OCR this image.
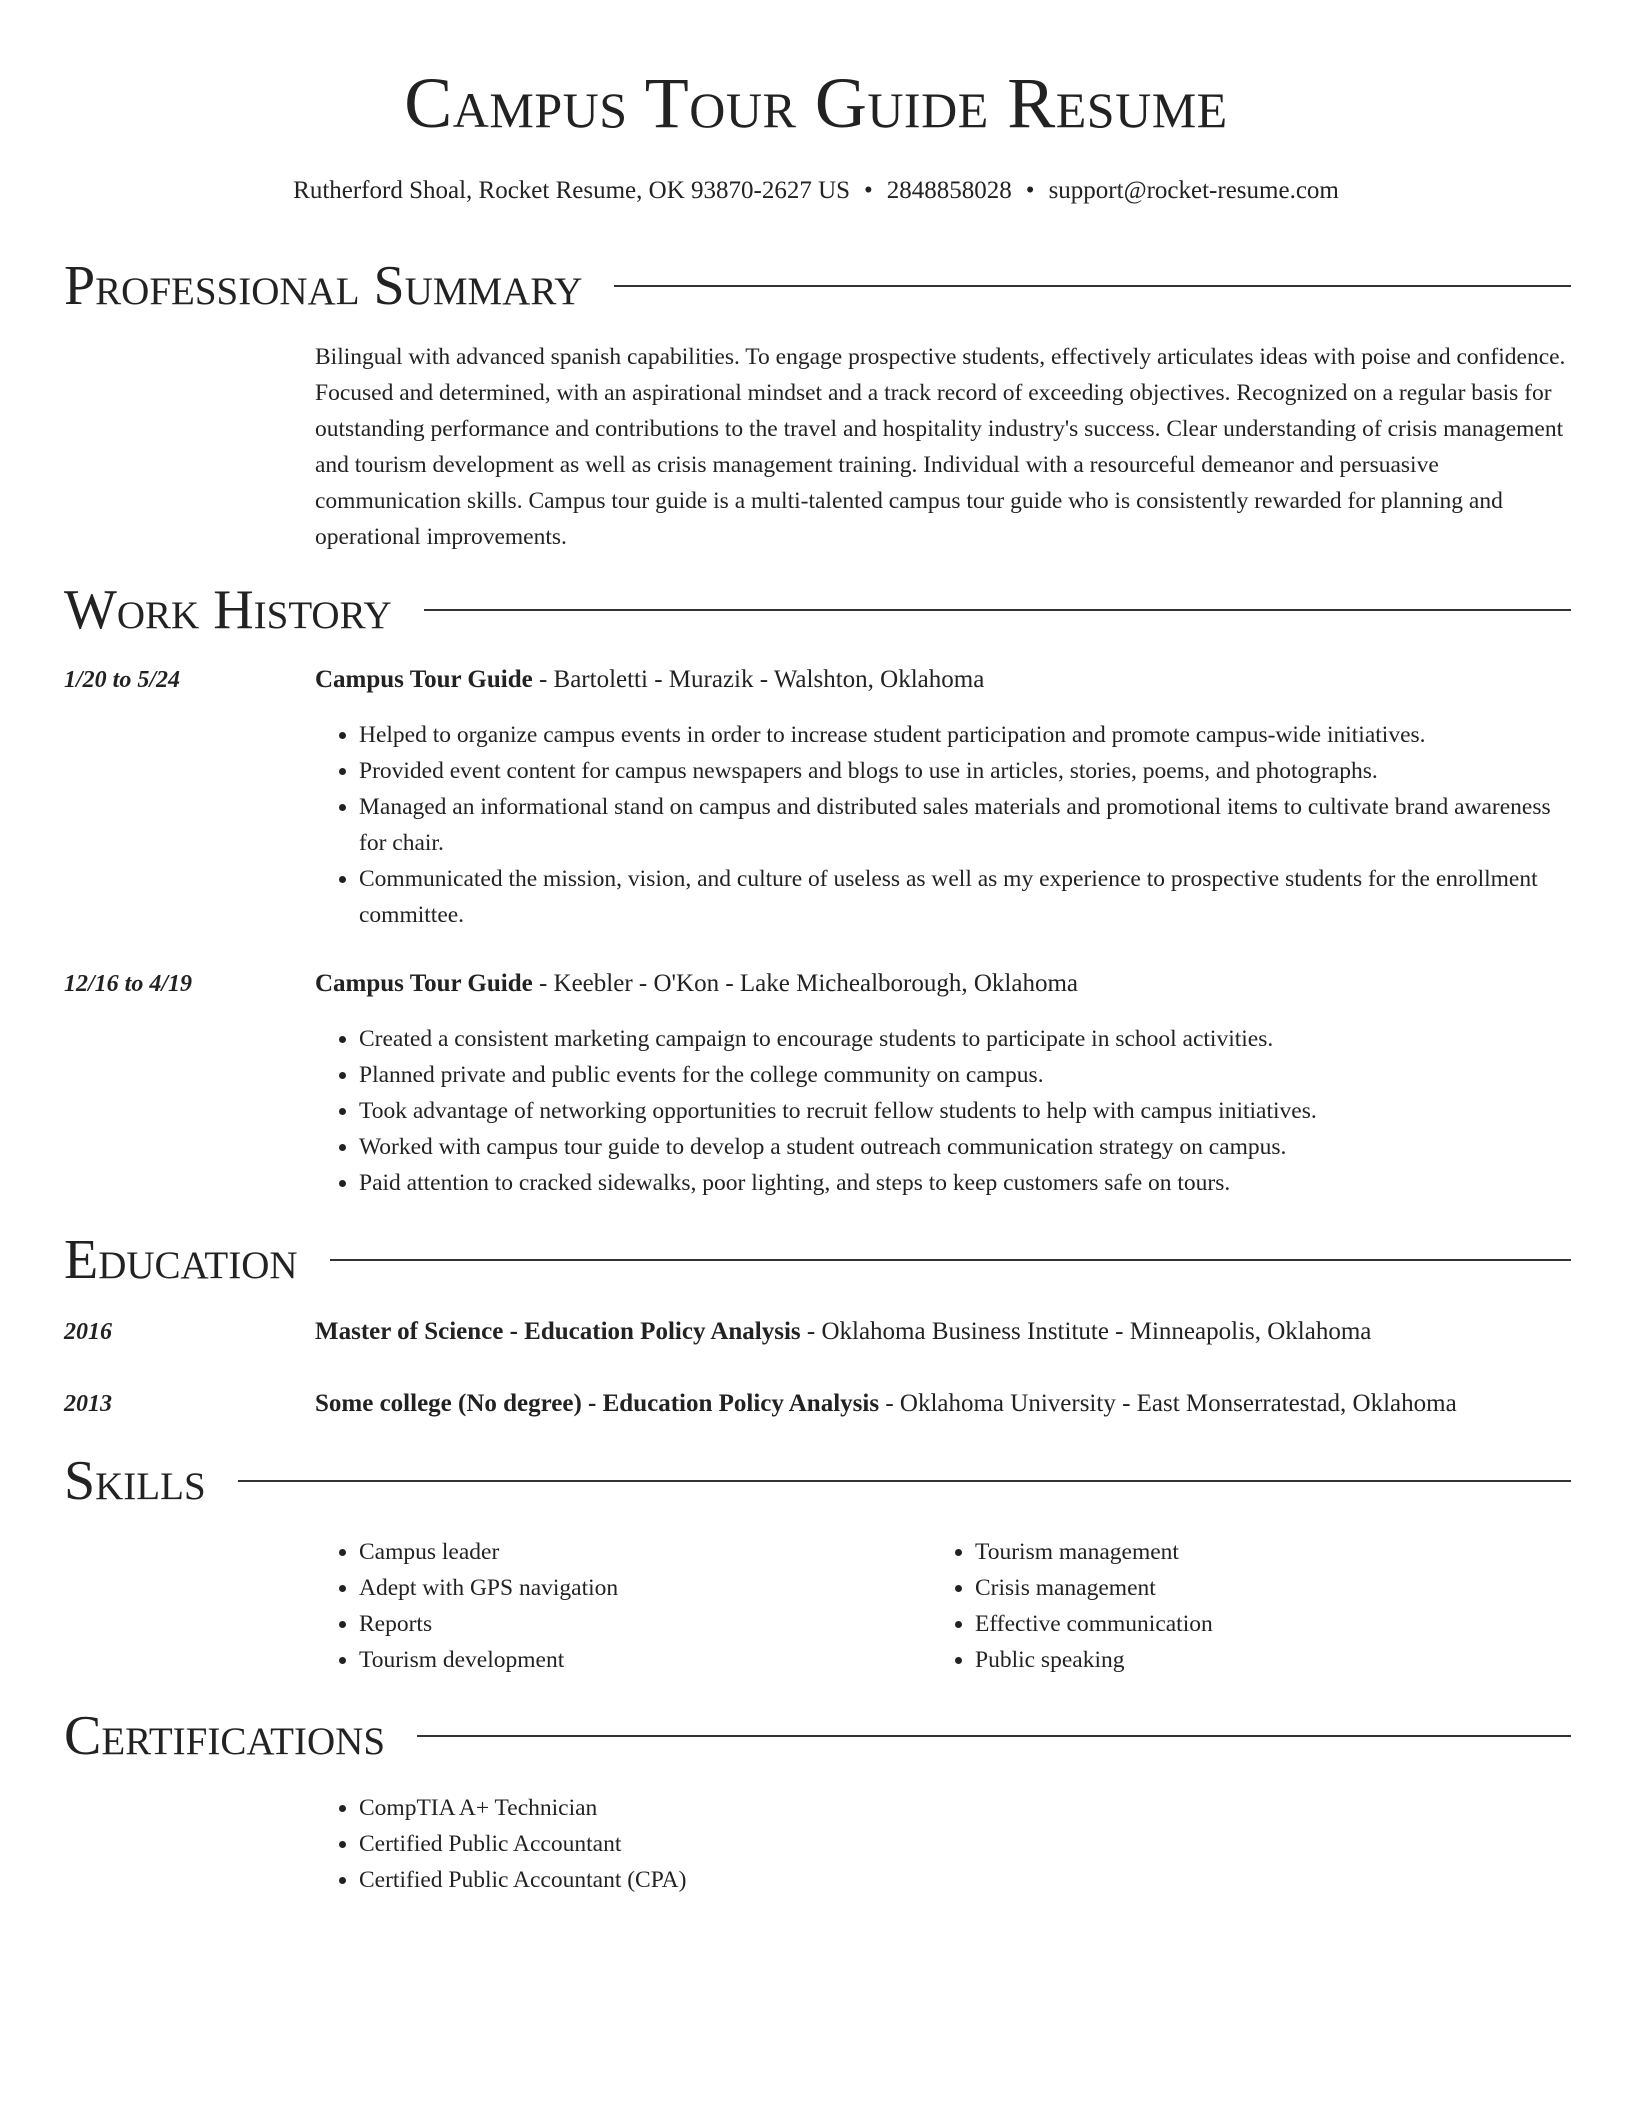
Campus Tour Guide Resume
Rutherford Shoal, Rocket Resume, OK 93870-2627 US • 2848858028 • support@rocket-resume.com
Professional Summary

Bilingual with advanced spanish capabilities. To engage prospective students, effectively articulates ideas with poise and confidence. Focused and determined, with an aspirational mindset and a track record of exceeding objectives. Recognized on a regular basis for outstanding performance and contributions to the travel and hospitality industry's success. Clear understanding of crisis management and tourism development as well as crisis management training. Individual with a resourceful demeanor and persuasive communication skills. Campus tour guide is a multi-talented campus tour guide who is consistently rewarded for planning and operational improvements.

Work History
1/20 to 5/24	Campus Tour Guide - Bartoletti - Murazik - Walshton, Oklahoma
• Helped to organize campus events in order to increase student participation and promote campus-wide initiatives.
• Provided event content for campus newspapers and blogs to use in articles, stories, poems, and photographs.
• Managed an informational stand on campus and distributed sales materials and promotional items to cultivate brand awareness for chair.
• Communicated the mission, vision, and culture of useless as well as my experience to prospective students for the enrollment committee.
12/16 to 4/19	Campus Tour Guide - Keebler - O'Kon - Lake Michealborough, Oklahoma
• Created a consistent marketing campaign to encourage students to participate in school activities.
• Planned private and public events for the college community on campus.
• Took advantage of networking opportunities to recruit fellow students to help with campus initiatives.
• Worked with campus tour guide to develop a student outreach communication strategy on campus.
• Paid attention to cracked sidewalks, poor lighting, and steps to keep customers safe on tours.
Education
2016	Master of Science - Education Policy Analysis - Oklahoma Business Institute - Minneapolis, Oklahoma
2013	Some college (No degree) - Education Policy Analysis - Oklahoma University - East Monserratestad, Oklahoma
Skills
• Campus leader
• Adept with GPS navigation
• Reports
• Tourism development
• Tourism management
• Crisis management
• Effective communication
• Public speaking
Certifications
• CompTIA A+ Technician
• Certified Public Accountant
• Certified Public Accountant (CPA)
